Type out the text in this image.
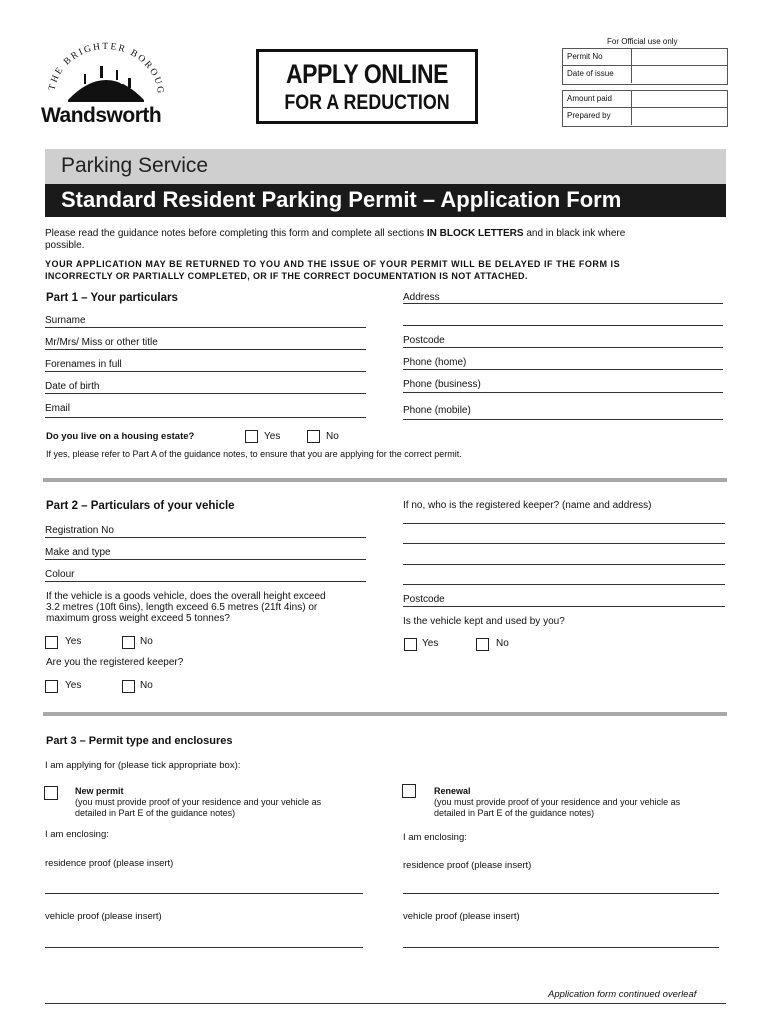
THE BRIGHTER BOROUG
Wandsworth
APPLY ONLINE
FOR A REDUCTION
For Official use only
Permit No
Date of issue
Amount paid
Prepared by
Parking Service
Standard Resident Parking Permit – Application Form
Please read the guidance notes before completing this form and complete all sections IN BLOCK LETTERS and in black ink where
possible.
YOUR APPLICATION MAY BE RETURNED TO YOU AND THE ISSUE OF YOUR PERMIT WILL BE DELAYED IF THE FORM IS
INCORRECTLY OR PARTIALLY COMPLETED, OR IF THE CORRECT DOCUMENTATION IS NOT ATTACHED.
Part 1 – Your particulars
Surname
Mr/Mrs/ Miss or other title
Forenames in full
Date of birth
Email
Address
Postcode
Phone (home)
Phone (business)
Phone (mobile)
Do you live on a housing estate?	Yes	No
If yes, please refer to Part A of the guidance notes, to ensure that you are applying for the correct permit.
Part 2 – Particulars of your vehicle
Registration No
Make and type
Colour
If the vehicle is a goods vehicle, does the overall height exceed
3.2 metres (10ft 6ins), length exceed 6.5 metres (21ft 4ins) or
maximum gross weight exceed 5 tonnes?
Yes	No
Are you the registered keeper?
Yes	No
If no, who is the registered keeper? (name and address)
Postcode
Is the vehicle kept and used by you?
Yes	No
Part 3 – Permit type and enclosures
I am applying for (please tick appropriate box):
New permit
(you must provide proof of your residence and your vehicle as
detailed in Part E of the guidance notes)
I am enclosing:
residence proof (please insert)
vehicle proof (please insert)
Renewal
(you must provide proof of your residence and your vehicle as
detailed in Part E of the guidance notes)
I am enclosing:
residence proof (please insert)
vehicle proof (please insert)
Application form continued overleaf
